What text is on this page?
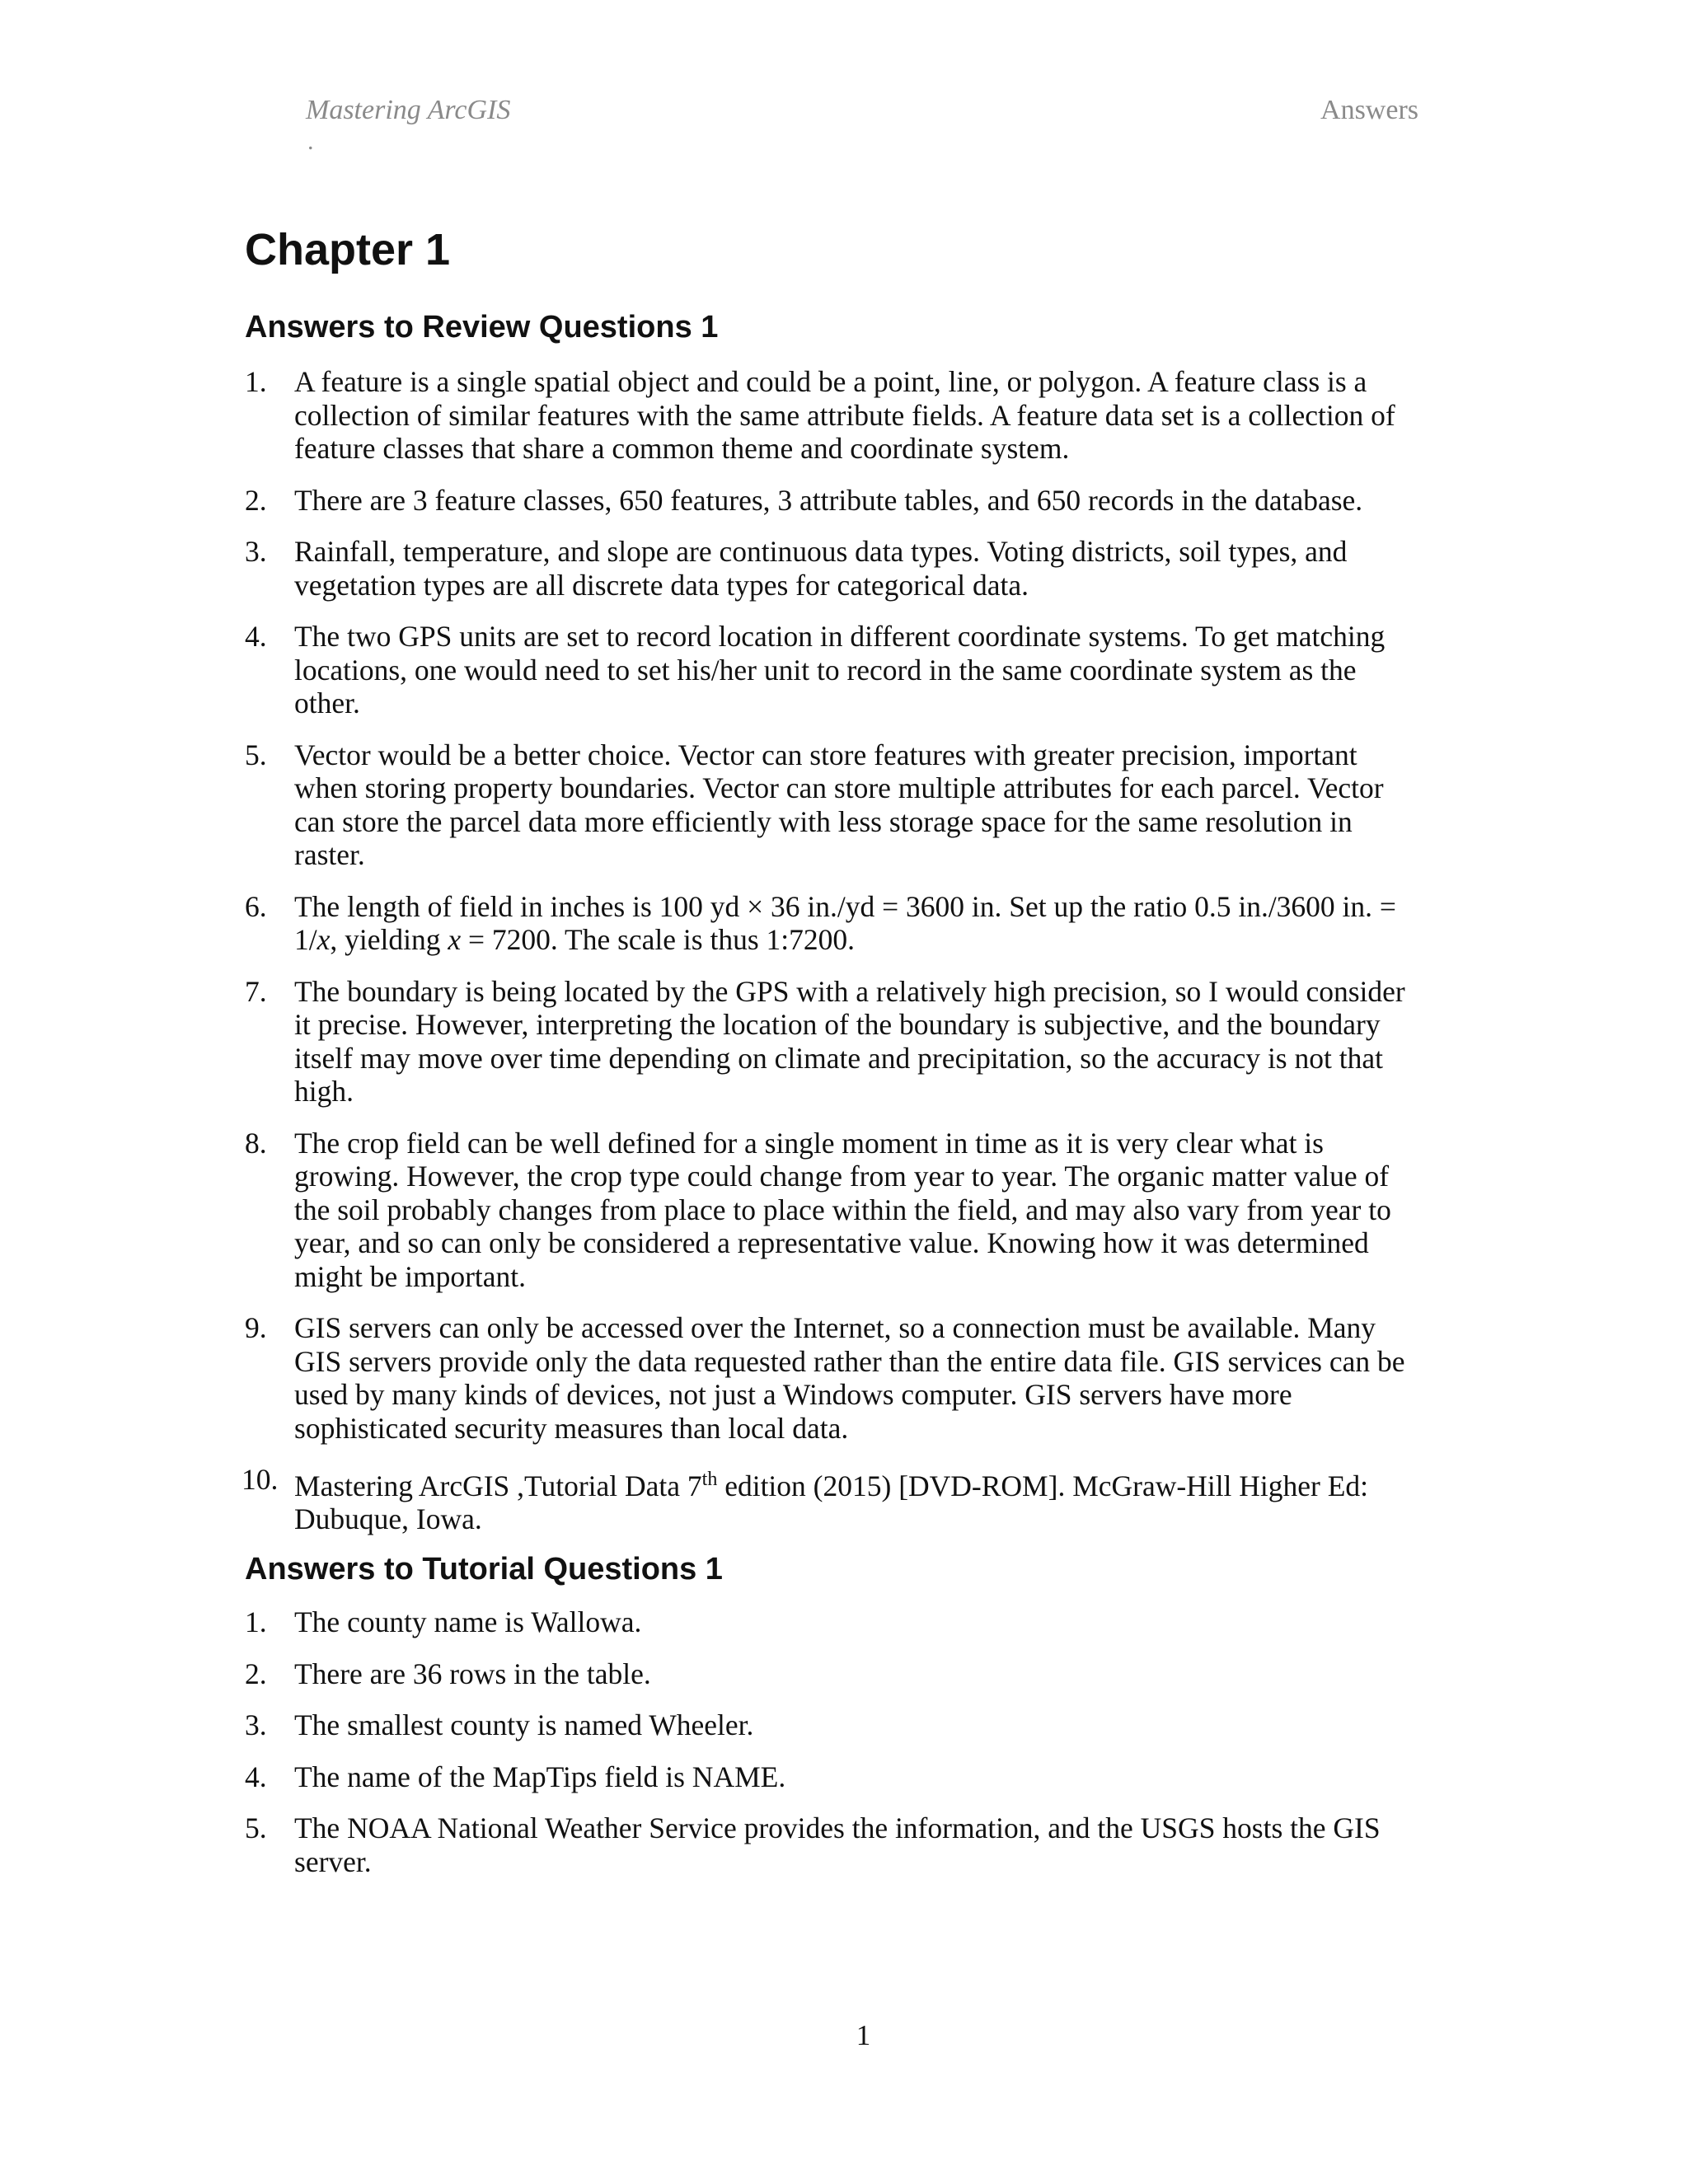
Mastering ArcGIS
.
Answers
Chapter 1
Answers to Review Questions 1
1. A feature is a single spatial object and could be a point, line, or polygon. A feature class is a collection of similar features with the same attribute fields. A feature data set is a collection of feature classes that share a common theme and coordinate system.
2. There are 3 feature classes, 650 features, 3 attribute tables, and 650 records in the database.
3. Rainfall, temperature, and slope are continuous data types. Voting districts, soil types, and vegetation types are all discrete data types for categorical data.
4. The two GPS units are set to record location in different coordinate systems. To get matching locations, one would need to set his/her unit to record in the same coordinate system as the other.
5. Vector would be a better choice. Vector can store features with greater precision, important when storing property boundaries. Vector can store multiple attributes for each parcel. Vector can store the parcel data more efficiently with less storage space for the same resolution in raster.
6. The length of field in inches is 100 yd × 36 in./yd = 3600 in. Set up the ratio 0.5 in./3600 in. = 1/x, yielding x = 7200. The scale is thus 1:7200.
7. The boundary is being located by the GPS with a relatively high precision, so I would consider it precise. However, interpreting the location of the boundary is subjective, and the boundary itself may move over time depending on climate and precipitation, so the accuracy is not that high.
8. The crop field can be well defined for a single moment in time as it is very clear what is growing. However, the crop type could change from year to year. The organic matter value of the soil probably changes from place to place within the field, and may also vary from year to year, and so can only be considered a representative value. Knowing how it was determined might be important.
9. GIS servers can only be accessed over the Internet, so a connection must be available. Many GIS servers provide only the data requested rather than the entire data file. GIS services can be used by many kinds of devices, not just a Windows computer. GIS servers have more sophisticated security measures than local data.
10. Mastering ArcGIS ,Tutorial Data 7th edition (2015) [DVD-ROM]. McGraw-Hill Higher Ed: Dubuque, Iowa.
Answers to Tutorial Questions 1
1. The county name is Wallowa.
2. There are 36 rows in the table.
3. The smallest county is named Wheeler.
4. The name of the MapTips field is NAME.
5. The NOAA National Weather Service provides the information, and the USGS hosts the GIS server.
1
